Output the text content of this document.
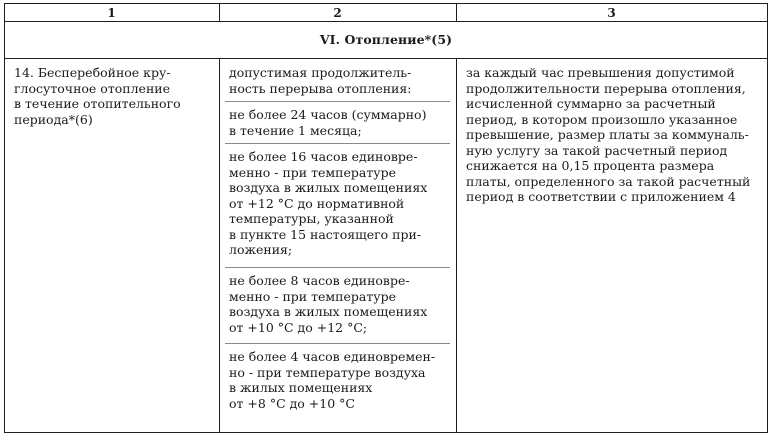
1	2	3
VI. Отопление*(5)
14. Бесперебойное кру-
глосуточное отопление
в течение отопительного
периода*(6)
допустимая продолжитель-
ность перерыва отопления:
не более 24 часов (суммарно)
в течение 1 месяца;
не более 16 часов единовре-
менно - при температуре
воздуха в жилых помещениях
от +12 °С до нормативной
температуры, указанной
в пункте 15 настоящего при-
ложения;
не более 8 часов единовре-
менно - при температуре
воздуха в жилых помещениях
от +10 °С до +12 °С;
не более 4 часов единовремен-
но - при температуре воздуха
в жилых помещениях
от +8 °С до +10 °С
за каждый час превышения допустимой
продолжительности перерыва отопления,
исчисленной суммарно за расчетный
период, в котором произошло указанное
превышение, размер платы за коммуналь-
ную услугу за такой расчетный период
снижается на 0,15 процента размера
платы, определенного за такой расчетный
период в соответствии с приложением 4
